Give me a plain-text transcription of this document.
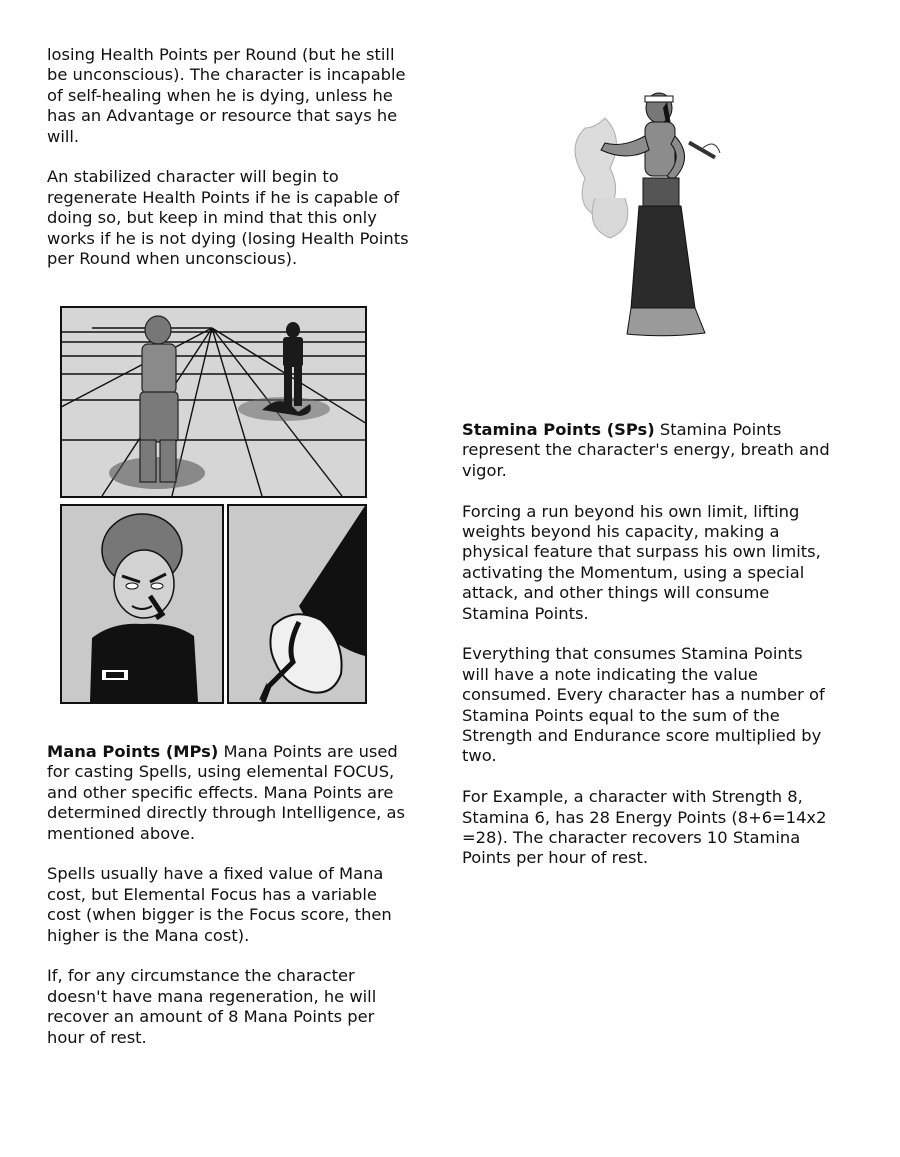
losing Health Points per Round (but he still be unconscious). The character is incapable of self-healing when he is dying, unless he has an Advantage or resource that says he will.

An stabilized character will begin to regenerate Health Points if he is capable of doing so, but keep in mind that this only works if he is not dying (losing Health Points per Round when unconscious).

Mana Points (MPs) Mana Points are used for casting Spells, using elemental FOCUS, and other specific effects. Mana Points are determined directly through Intelligence, as mentioned above.

Spells usually have a fixed value of Mana cost, but Elemental Focus has a variable cost (when bigger is the Focus score, then higher is the Mana cost).

If, for any circumstance the character doesn't have mana regeneration, he will recover an amount of 8 Mana Points per hour of rest.

Stamina Points (SPs) Stamina Points represent the character's energy, breath and vigor.

Forcing a run beyond his own limit, lifting weights beyond his capacity, making a physical feature that surpass his own limits, activating the Momentum, using a special attack, and other things will consume Stamina Points.

Everything that consumes Stamina Points will have a note indicating the value consumed. Every character has a number of Stamina Points equal to the sum of the Strength and Endurance score multiplied by two.

For Example, a character with Strength 8, Stamina 6, has 28 Energy Points (8+6=14x2 =28). The character recovers 10 Stamina Points per hour of rest.
